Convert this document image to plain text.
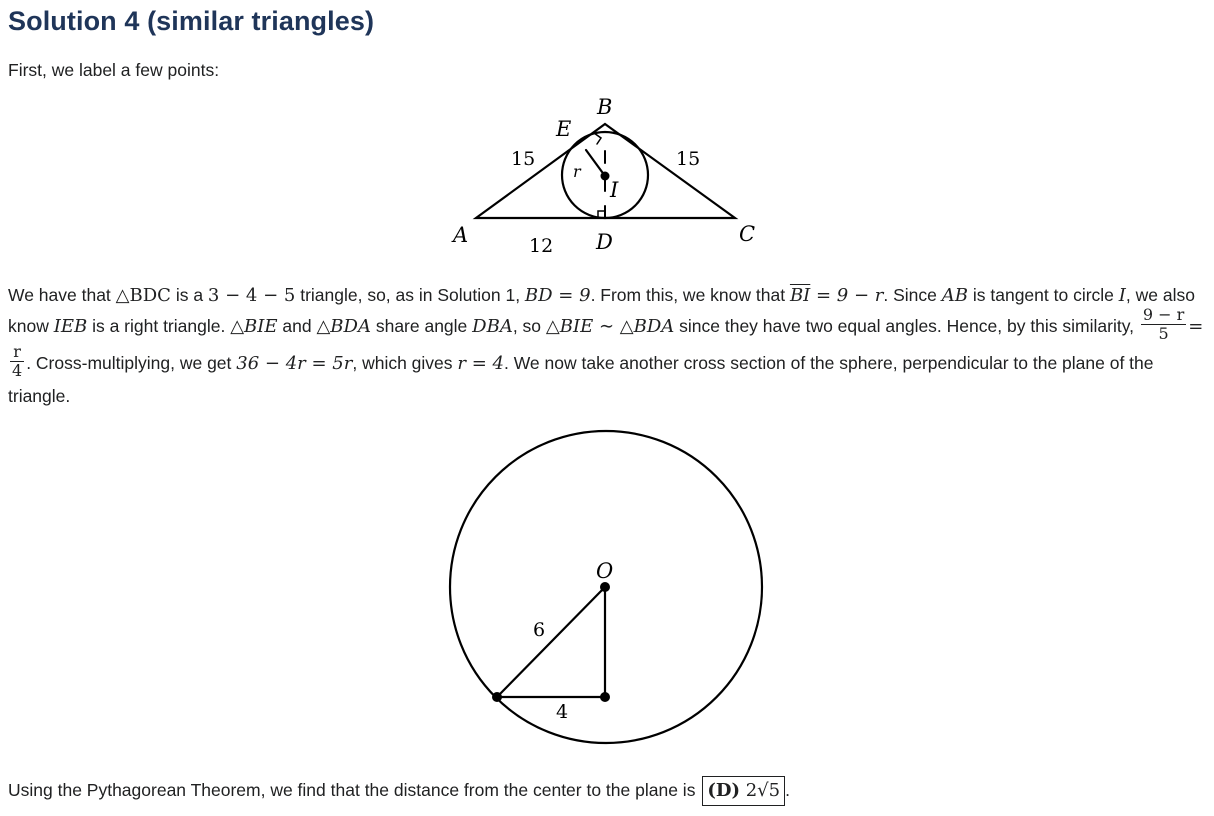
Solution 4 (similar triangles)

First, we label a few points:

B
E
15	15
r
I
A	12 D	C

We have that △BDC is a 3 − 4 − 5 triangle, so, as in Solution 1, BD = 9. From this, we know that $\overline{BI} = 9 - r$. Since AB is tangent to circle I, we also know IEB is a right triangle. △BIE and △BDA share angle DBA, so △BIE ∼ △BDA since they have two equal angles. Hence, by this similarity, $\frac{9 - r}{5}$ =
$\frac{r}{4}$ . Cross-multiplying, we get 36 − 4r = 5r, which gives r = 4. We now take another cross section of the sphere, perpendicular to the plane of the triangle.

O
6
4

Using the Pythagorean Theorem, we find that the distance from the center to the plane is (D) 2√5 .
